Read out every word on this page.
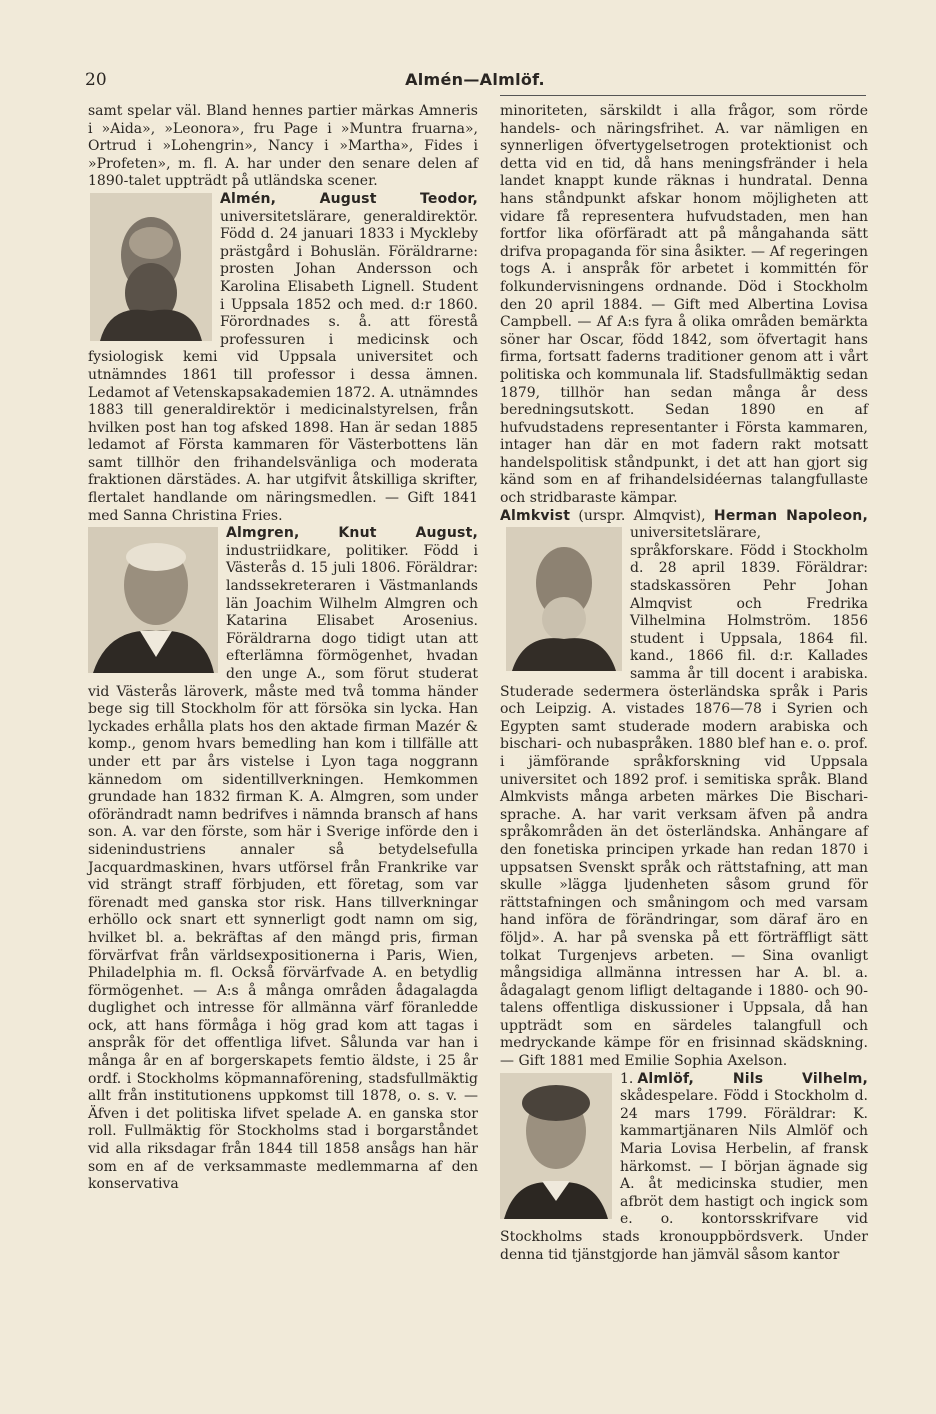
20	Almén—Almlöf.

samt spelar väl. Bland hennes partier märkas Amneris i »Aida», »Leonora», fru Page i »Muntra fruarna», Ortrud i »Lohengrin», Nancy i »Martha», Fides i »Profeten», m. fl. A. har under den senare delen af 1890-talet uppträdt på utländska scener.

Almén, August Teodor,
universitetslärare, generaldirektör. Född d. 24 januari 1833 i Myckleby prästgård i Bohuslän. Föräldrarne: prosten Johan Andersson och Karolina Elisabeth Lignell. Student i Uppsala 1852 och med. d:r 1860. Förordnades s. å. att förestå professuren i medicinsk och fysiologisk kemi vid Uppsala universitet och utnämndes 1861 till professor i dessa ämnen. Ledamot af Vetenskapsakademien 1872. A. utnämndes 1883 till generaldirektör i medicinalstyrelsen, från hvilken post han tog afsked 1898. Han är sedan 1885 ledamot af Första kammaren för Västerbottens län samt tillhör den frihandelsvänliga och moderata fraktionen därstädes. A. har utgifvit åtskilliga skrifter, flertalet handlande om näringsmedlen. — Gift 1841 med Sanna Christina Fries.

Almgren, Knut August,
industriidkare, politiker. Född i Västerås d. 15 juli 1806. Föräldrar: landssekreteraren i Västmanlands län Joachim Wilhelm Almgren och Katarina Elisabet Arosenius. Föräldrarna dogo tidigt utan att efterlämna förmögenhet, hvadan den unge A., som förut studerat vid Västerås läroverk, måste med två tomma händer bege sig till Stockholm för att försöka sin lycka. Han lyckades erhålla plats hos den aktade firman Mazér & komp., genom hvars bemedling han kom i tillfälle att under ett par års vistelse i Lyon taga noggrann kännedom om sidentillverkningen. Hemkommen grundade han 1832 firman K. A. Almgren, som under oförändradt namn bedrifves i nämnda bransch af hans son. A. var den förste, som här i Sverige införde den i sidenindustriens annaler så betydelsefulla Jacquardmaskinen, hvars utförsel från Frankrike var vid strängt straff förbjuden, ett företag, som var förenadt med ganska stor risk. Hans tillverkningar erhöllo ock snart ett synnerligt godt namn om sig, hvilket bl. a. bekräftas af den mängd pris, firman förvärfvat från världsexpositionerna i Paris, Wien, Philadelphia m. fl. Också förvärfvade A. en betydlig förmögenhet. — A:s å många områden ådagalagda duglighet och intresse för allmänna värf föranledde ock, att hans förmåga i hög grad kom att tagas i anspråk för det offentliga lifvet. Sålunda var han i många år en af borgerskapets femtio äldste, i 25 år ordf. i Stockholms köpmannaförening, stadsfullmäktig allt från institutionens uppkomst till 1878, o. s. v. — Äfven i det politiska lifvet spelade A. en ganska stor roll. Fullmäktig för Stockholms stad i borgarståndet vid alla riksdagar från 1844 till 1858 ansågs han här som en af de verksammaste medlemmarna af den konservativa

minoriteten, särskildt i alla frågor, som rörde handels- och näringsfrihet. A. var nämligen en synnerligen öfvertygelsetrogen protektionist och detta vid en tid, då hans meningsfränder i hela landet knappt kunde räknas i hundratal. Denna hans ståndpunkt afskar honom möjligheten att vidare få representera hufvudstaden, men han fortfor lika oförfäradt att på mångahanda sätt drifva propaganda för sina åsikter. — Af regeringen togs A. i anspråk för arbetet i kommittén för folkundervisningens ordnande. Död i Stockholm den 20 april 1884. — Gift med Albertina Lovisa Campbell. — Af A:s fyra å olika områden bemärkta söner har Oscar, född 1842, som öfvertagit hans firma, fortsatt faderns traditioner genom att i vårt politiska och kommunala lif. Stadsfullmäktig sedan 1879, tillhör han sedan många år dess beredningsutskott. Sedan 1890 en af hufvudstadens representanter i Första kammaren, intager han där en mot fadern rakt motsatt handelspolitisk ståndpunkt, i det att han gjort sig känd som en af frihandelsidéernas talangfullaste och stridbaraste kämpar.

Almkvist (urspr. Almqvist), Herman Napoleon,
universitetslärare, språkforskare. Född i Stockholm d. 28 april 1839. Föräldrar: stadskassören Pehr Johan Almqvist och Fredrika Vilhelmina Holmström. 1856 student i Uppsala, 1864 fil. kand., 1866 fil. d:r. Kallades samma år till docent i arabiska. Studerade sedermera österländska språk i Paris och Leipzig. A. vistades 1876—78 i Syrien och Egypten samt studerade modern arabiska och bischari- och nubaspråken. 1880 blef han e. o. prof. i jämförande språkforskning vid Uppsala universitet och 1892 prof. i semitiska språk. Bland Almkvists många arbeten märkes Die Bischari-sprache. A. har varit verksam äfven på andra språkområden än det österländska. Anhängare af den fonetiska principen yrkade han redan 1870 i uppsatsen Svenskt språk och rättstafning, att man skulle »lägga ljudenheten såsom grund för rättstafningen och småningom och med varsam hand införa de förändringar, som däraf äro en följd». A. har på svenska på ett förträffligt sätt tolkat Turgenjevs arbeten. — Sina ovanligt mångsidiga allmänna intressen har A. bl. a. ådagalagt genom lifligt deltagande i 1880- och 90-talens offentliga diskussioner i Uppsala, då han uppträdt som en särdeles talangfull och medryckande kämpe för en frisinnad skädskning. — Gift 1881 med Emilie Sophia Axelson.

1. Almlöf, Nils Vilhelm,
skådespelare. Född i Stockholm d. 24 mars 1799. Föräldrar: K. kammartjänaren Nils Almlöf och Maria Lovisa Herbelin, af fransk härkomst. — I början ägnade sig A. åt medicinska studier, men afbröt dem hastigt och ingick som e. o. kontorsskrifvare vid Stockholms stads kronouppbördsverk. Under denna tid tjänstgjorde han jämväl såsom kantor
